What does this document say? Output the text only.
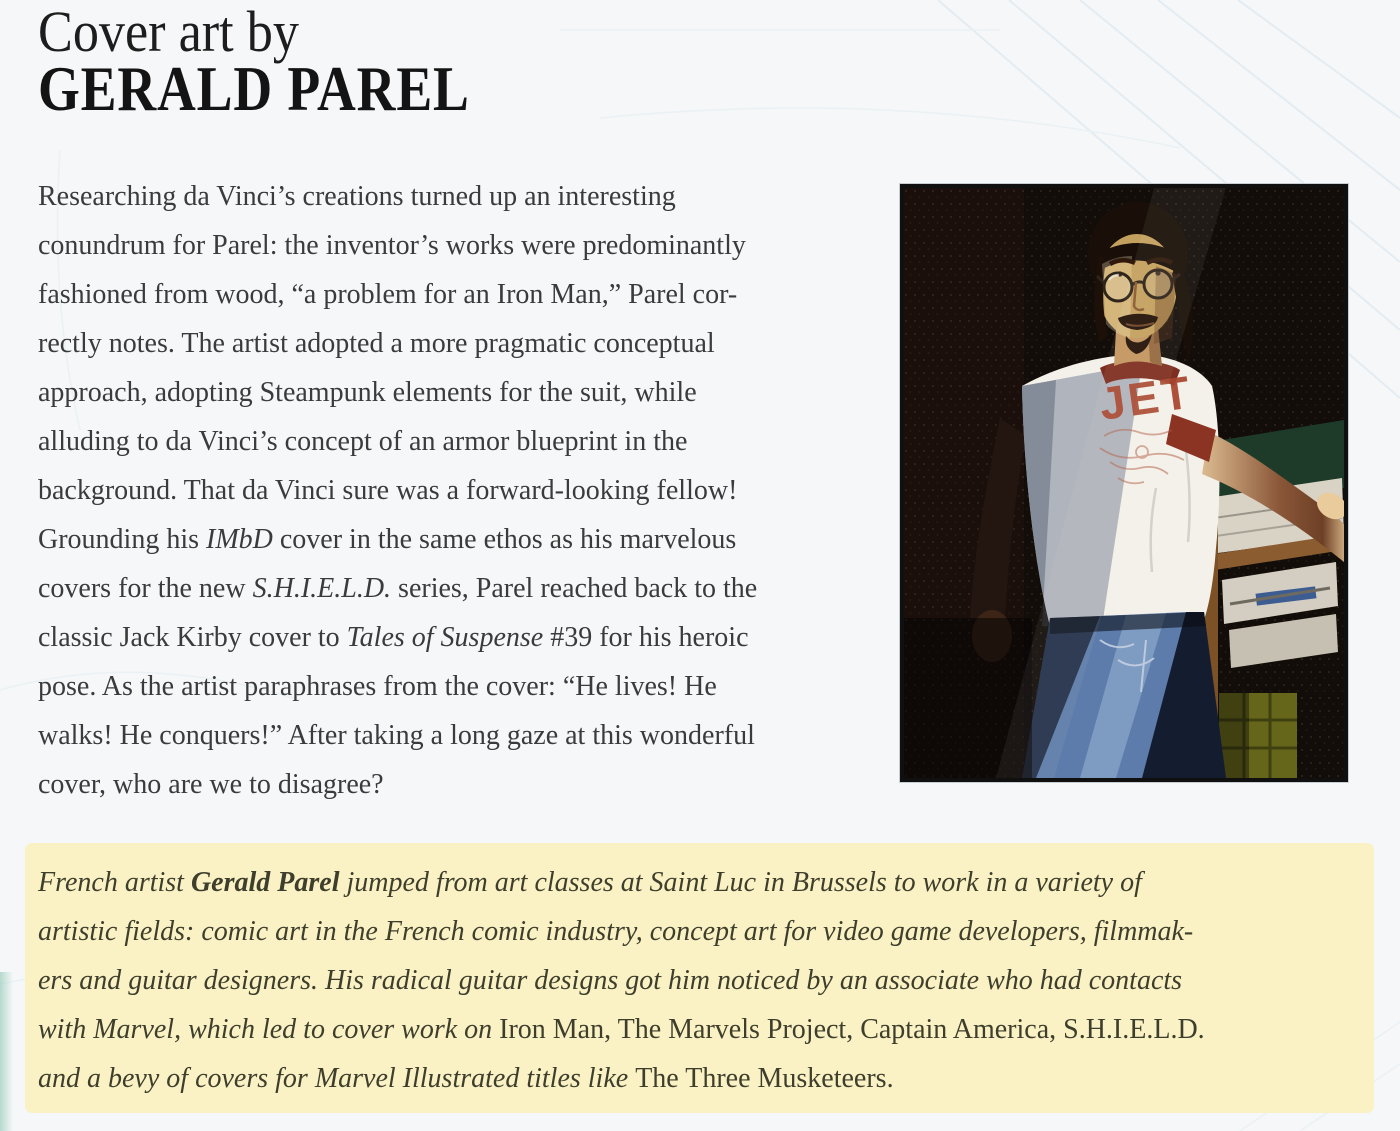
Cover art by
GERALD PAREL
Researching da Vinci’s creations turned up an interesting
conundrum for Parel: the inventor’s works were predominantly
fashioned from wood, “a problem for an Iron Man,” Parel cor-
rectly notes. The artist adopted a more pragmatic conceptual
approach, adopting Steampunk elements for the suit, while
alluding to da Vinci’s concept of an armor blueprint in the
background. That da Vinci sure was a forward-looking fellow!
Grounding his IMbD cover in the same ethos as his marvelous
covers for the new S.H.I.E.L.D. series, Parel reached back to the
classic Jack Kirby cover to Tales of Suspense #39 for his heroic
pose. As the artist paraphrases from the cover: “He lives! He
walks! He conquers!” After taking a long gaze at this wonderful
cover, who are we to disagree?
French artist Gerald Parel jumped from art classes at Saint Luc in Brussels to work in a variety of
artistic fields: comic art in the French comic industry, concept art for video game developers, filmmak-
ers and guitar designers. His radical guitar designs got him noticed by an associate who had contacts
with Marvel, which led to cover work on Iron Man, The Marvels Project, Captain America, S.H.I.E.L.D.
and a bevy of covers for Marvel Illustrated titles like The Three Musketeers.
